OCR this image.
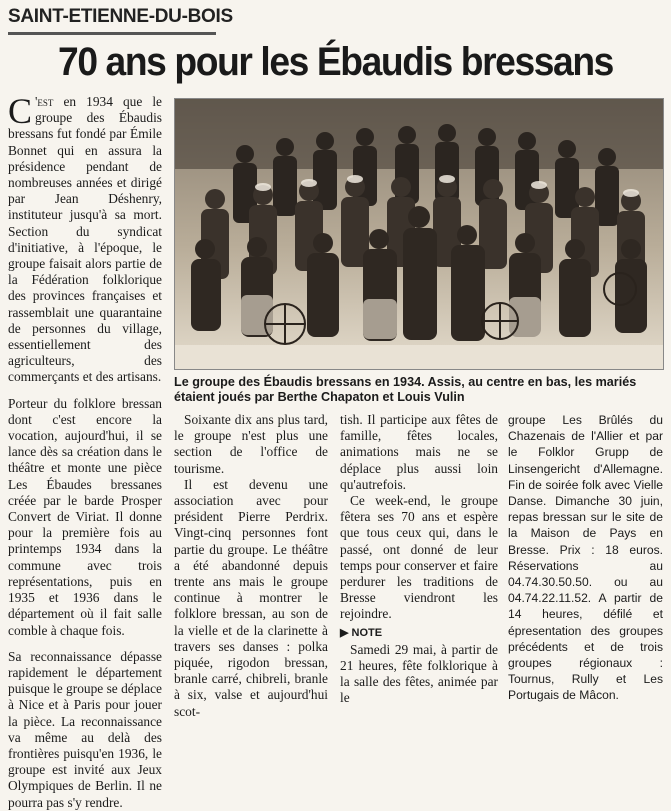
SAINT-ETIENNE-DU-BOIS
70 ans pour les Ébaudis bressans

C 'est en 1934 que le groupe des Ébaudis bressans fut fondé par Émile Bonnet qui en assura la présidence pendant de nombreuses années et dirigé par Jean Déshenry, instituteur jusqu'à sa mort. Section du syndicat d'initiative, à l'époque, le groupe faisait alors partie de la Fédération folklorique des provinces françaises et rassemblait une quarantaine de personnes du village, essentiellement des agriculteurs, des commerçants et des artisans.

Porteur du folklore bressan dont c'est encore la vocation, aujourd'hui, il se lance dès sa création dans le théâtre et monte une pièce Les Ébaudes bressanes créée par le barde Prosper Convert de Viriat. Il donne pour la première fois au printemps 1934 dans la commune avec trois représentations, puis en 1935 et 1936 dans le département où il fait salle comble à chaque fois.

Sa reconnaissance dépasse rapidement le département puisque le groupe se déplace à Nice et à Paris pour jouer la pièce. La reconnaissance va même au delà des frontières puisqu'en 1936, le groupe est invité aux Jeux Olympiques de Berlin. Il ne pourra pas s'y rendre.

Le groupe des Ébaudis bressans en 1934. Assis, au centre en bas, les mariés étaient joués par Berthe Chapaton et Louis Vulin

Soixante dix ans plus tard, le groupe n'est plus une section de l'office de tourisme.

Il est devenu une association avec pour président Pierre Perdrix. Vingt-cinq personnes font partie du groupe. Le théâtre a été abandonné depuis trente ans mais le groupe continue à montrer le folklore bressan, au son de la vielle et de la clarinette à travers ses danses : polka piquée, rigodon bressan, branle carré, chibreli, branle à six, valse et aujourd'hui scot-

tish. Il participe aux fêtes de famille, fêtes locales, animations mais ne se déplace plus aussi loin qu'autrefois.

Ce week-end, le groupe fêtera ses 70 ans et espère que tous ceux qui, dans le passé, ont donné de leur temps pour conserver et faire perdurer les traditions de Bresse viendront les rejoindre.

▶ NOTE

Samedi 29 mai, à partir de 21 heures, fête folklorique à la salle des fêtes, animée par le

groupe Les Brûlés du Chazenais de l'Allier et par le Folklor Grupp de Linsengericht d'Allemagne. Fin de soirée folk avec Vielle Danse. Dimanche 30 juin, repas bressan sur le site de la Maison de Pays en Bresse. Prix : 18 euros. Réservations au 04.74.30.50.50. ou au 04.74.22.11.52. A partir de 14 heures, défilé et épresentation des groupes précédents et de trois groupes régionaux : Tournus, Rully et Les Portugais de Mâcon.
